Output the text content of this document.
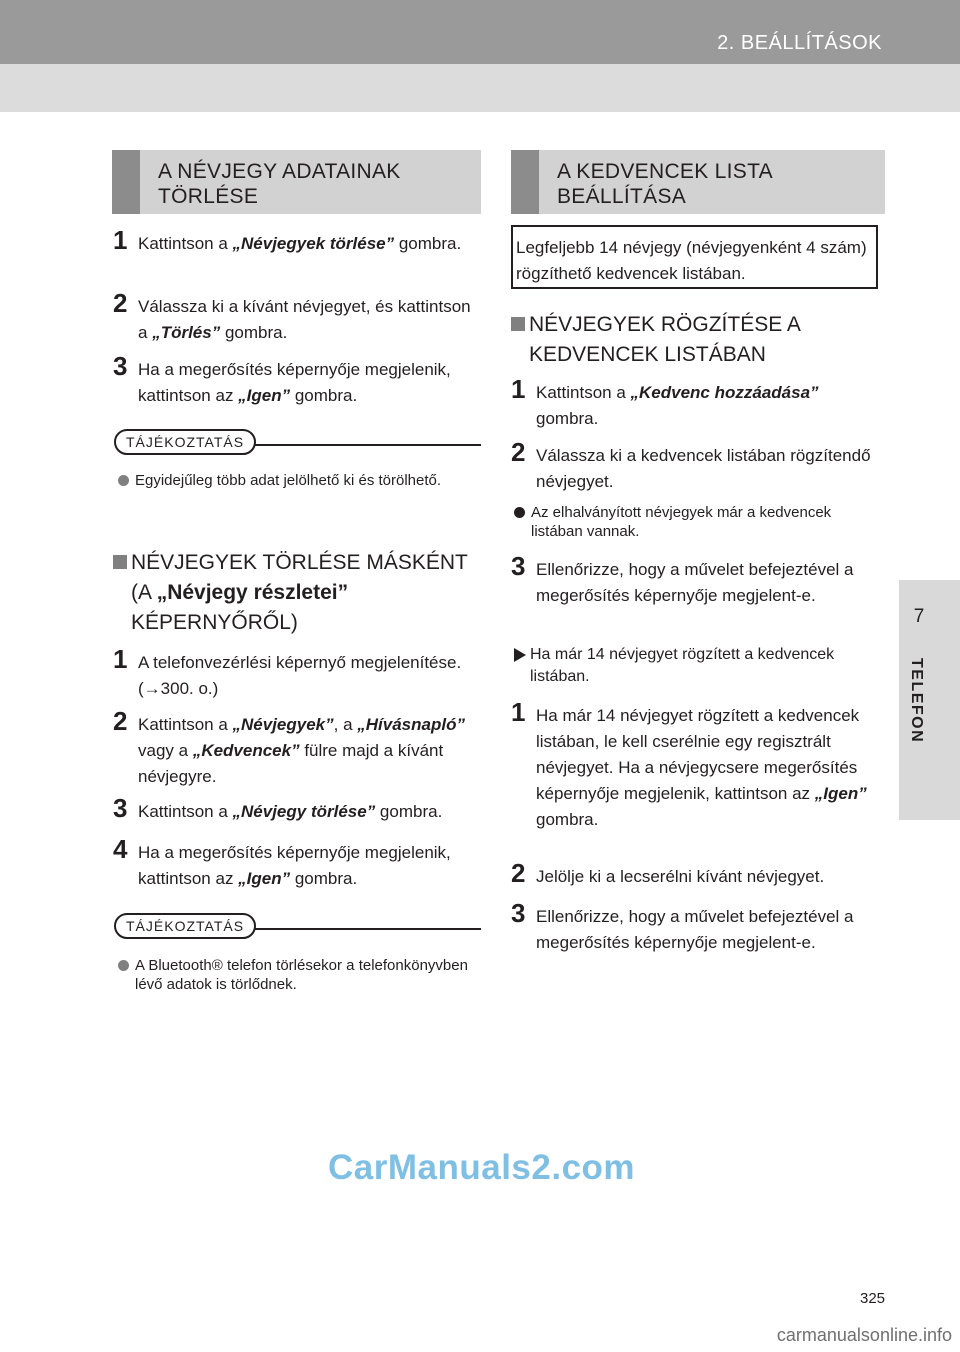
2. BEÁLLÍTÁSOK
7
TELEFON
A NÉVJEGY ADATAINAK TÖRLÉSE
1 Kattintson a „Névjegyek törlése” gombra.
2 Válassza ki a kívánt névjegyet, és kattintson a „Törlés” gombra.
3 Ha a megerősítés képernyője megjelenik, kattintson az „Igen” gombra.
TÁJÉKOZTATÁS
Egyidejűleg több adat jelölhető ki és törölhető.
NÉVJEGYEK TÖRLÉSE MÁSKÉNT (A „Névjegy részletei” KÉPERNYŐRŐL)
1 A telefonvezérlési képernyő megjelenítése. (→300. o.)
2 Kattintson a „Névjegyek”, a „Hívásnapló” vagy a „Kedvencek” fülre majd a kívánt névjegyre.
3 Kattintson a „Névjegy törlése” gombra.
4 Ha a megerősítés képernyője megjelenik, kattintson az „Igen” gombra.
TÁJÉKOZTATÁS
A Bluetooth® telefon törlésekor a telefonkönyvben lévő adatok is törlődnek.
A KEDVENCEK LISTA BEÁLLÍTÁSA
Legfeljebb 14 névjegy (névjegyenként 4 szám) rögzíthető kedvencek listában.
NÉVJEGYEK RÖGZÍTÉSE A KEDVENCEK LISTÁBAN
1 Kattintson a „Kedvenc hozzáadása” gombra.
2 Válassza ki a kedvencek listában rögzítendő névjegyet.
Az elhalványított névjegyek már a kedvencek listában vannak.
3 Ellenőrizze, hogy a művelet befejeztével a megerősítés képernyője megjelent-e.
Ha már 14 névjegyet rögzített a kedvencek listában.
1 Ha már 14 névjegyet rögzített a kedvencek listában, le kell cserélnie egy regisztrált névjegyet. Ha a névjegycsere megerősítés képernyője megjelenik, kattintson az „Igen” gombra.
2 Jelölje ki a lecserélni kívánt névjegyet.
3 Ellenőrizze, hogy a művelet befejeztével a megerősítés képernyője megjelent-e.
CarManuals2.com
325
carmanualsonline.info
